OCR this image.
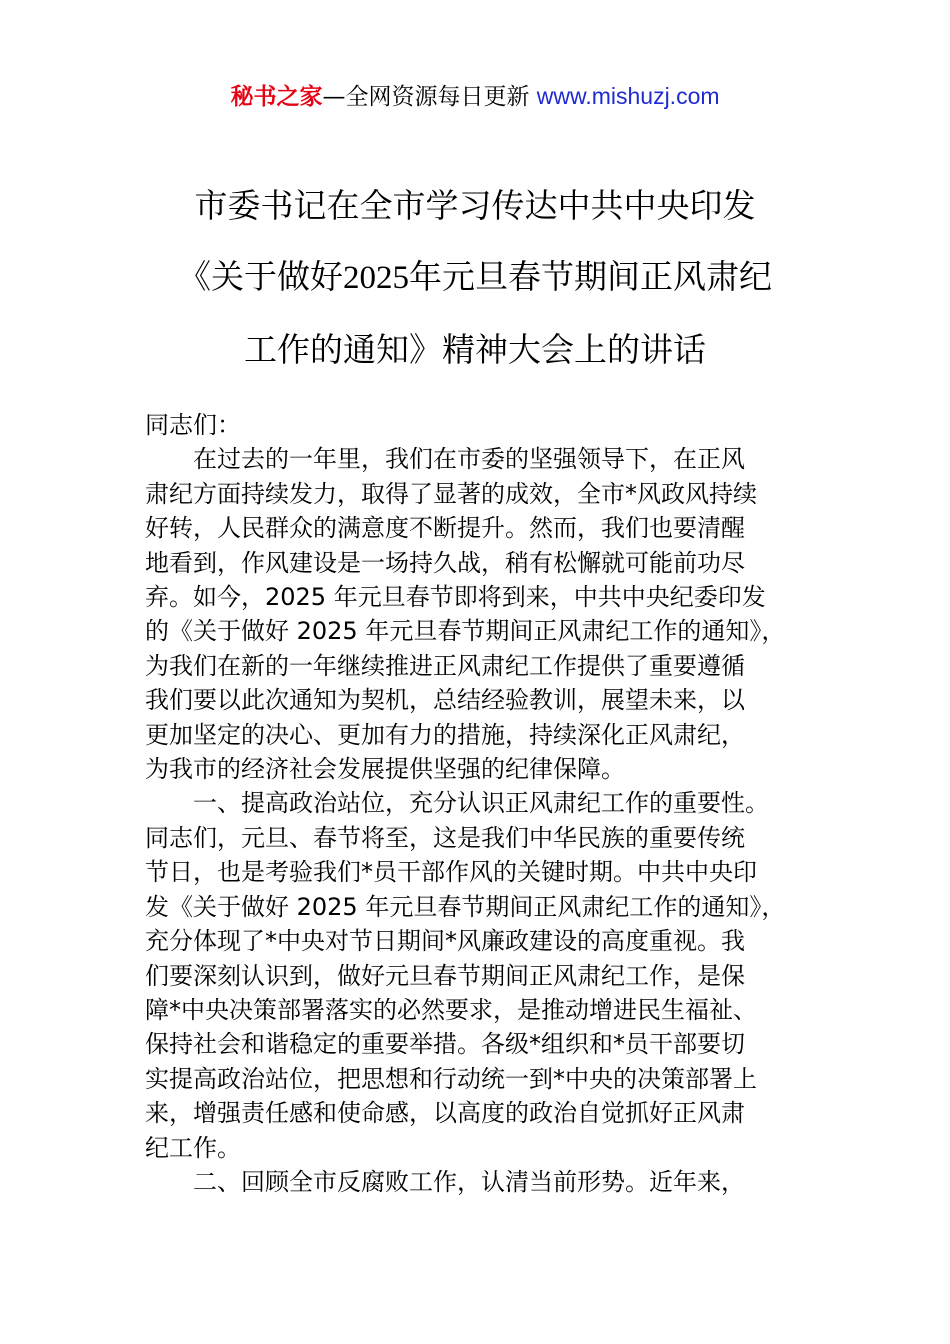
秘书之家—全网资源每日更新 www.mishuzj.com
市委书记在全市学习传达中共中央印发
《关于做好2025年元旦春节期间正风肃纪
工作的通知》精神大会上的讲话
同志们：
在过去的一年里，我们在市委的坚强领导下，在正风
肃纪方面持续发力，取得了显著的成效，全市*风政风持续
好转，人民群众的满意度不断提升。然而，我们也要清醒
地看到，作风建设是一场持久战，稍有松懈就可能前功尽
弃。如今，2025 年元旦春节即将到来，中共中央纪委印发
的《关于做好 2025 年元旦春节期间正风肃纪工作的通知》，
为我们在新的一年继续推进正风肃纪工作提供了重要遵循
我们要以此次通知为契机，总结经验教训，展望未来，以
更加坚定的决心、更加有力的措施，持续深化正风肃纪，
为我市的经济社会发展提供坚强的纪律保障。
一、提高政治站位，充分认识正风肃纪工作的重要性。
同志们，元旦、春节将至，这是我们中华民族的重要传统
节日，也是考验我们*员干部作风的关键时期。中共中央印
发《关于做好 2025 年元旦春节期间正风肃纪工作的通知》，
充分体现了*中央对节日期间*风廉政建设的高度重视。我
们要深刻认识到，做好元旦春节期间正风肃纪工作，是保
障*中央决策部署落实的必然要求，是推动增进民生福祉、
保持社会和谐稳定的重要举措。各级*组织和*员干部要切
实提高政治站位，把思想和行动统一到*中央的决策部署上
来，增强责任感和使命感，以高度的政治自觉抓好正风肃
纪工作。
二、回顾全市反腐败工作，认清当前形势。近年来，
